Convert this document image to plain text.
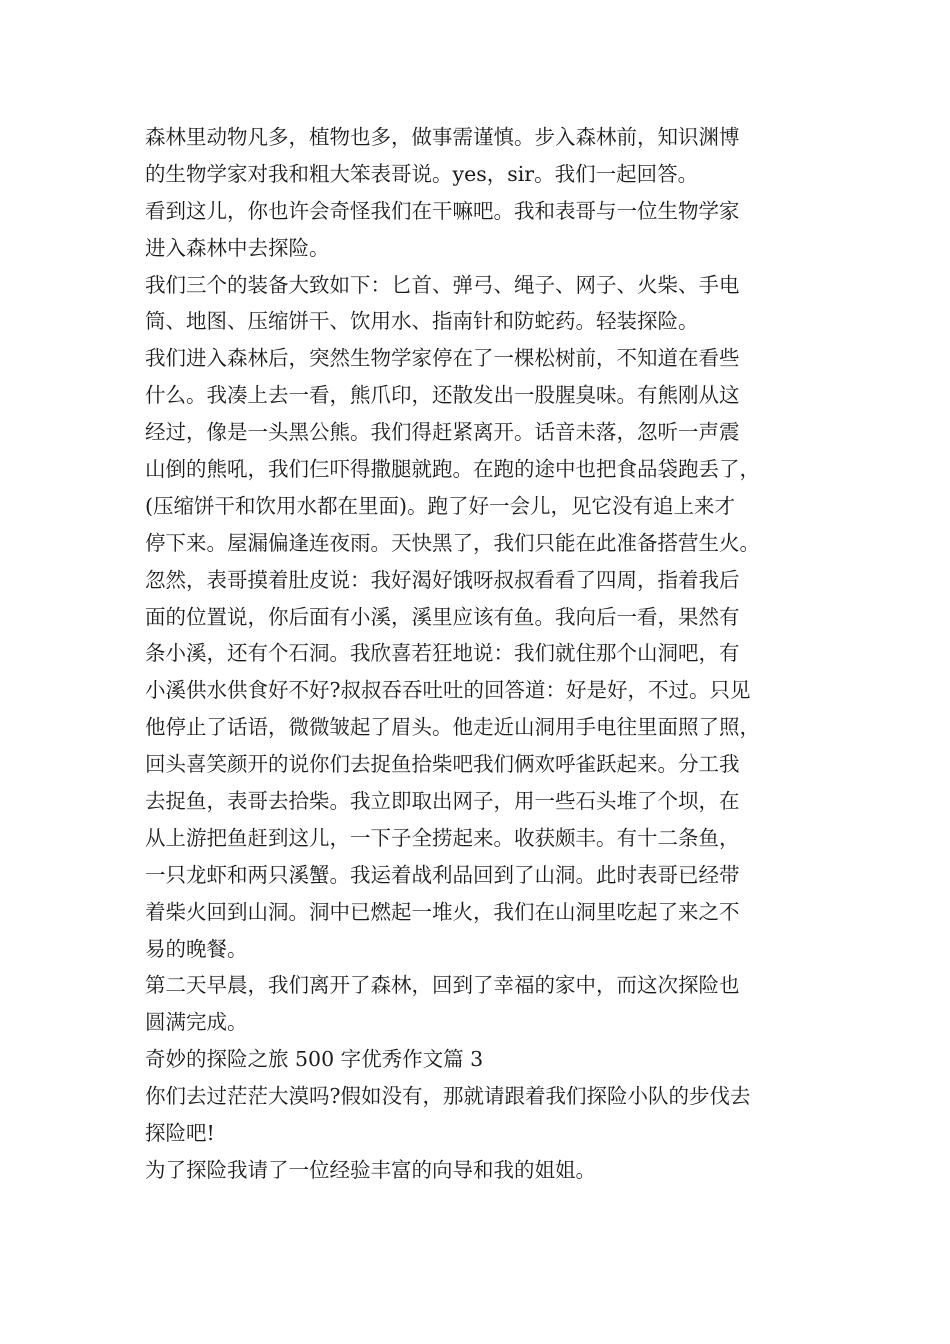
森林里动物凡多，植物也多，做事需谨慎。步入森林前，知识渊博
的生物学家对我和粗大笨表哥说。yes，sir。我们一起回答。
看到这儿，你也许会奇怪我们在干嘛吧。我和表哥与一位生物学家
进入森林中去探险。
我们三个的装备大致如下：匕首、弹弓、绳子、网子、火柴、手电
筒、地图、压缩饼干、饮用水、指南针和防蛇药。轻装探险。
我们进入森林后，突然生物学家停在了一棵松树前，不知道在看些
什么。我凑上去一看，熊爪印，还散发出一股腥臭味。有熊刚从这
经过，像是一头黑公熊。我们得赶紧离开。话音未落，忽听一声震
山倒的熊吼，我们仨吓得撒腿就跑。在跑的途中也把食品袋跑丢了，
(压缩饼干和饮用水都在里面)。跑了好一会儿，见它没有追上来才
停下来。屋漏偏逢连夜雨。天快黑了，我们只能在此准备搭营生火。
忽然，表哥摸着肚皮说：我好渴好饿呀叔叔看看了四周，指着我后
面的位置说，你后面有小溪，溪里应该有鱼。我向后一看，果然有
条小溪，还有个石洞。我欣喜若狂地说：我们就住那个山洞吧，有
小溪供水供食好不好?叔叔吞吞吐吐的回答道：好是好，不过。只见
他停止了话语，微微皱起了眉头。他走近山洞用手电往里面照了照，
回头喜笑颜开的说你们去捉鱼拾柴吧我们俩欢呼雀跃起来。分工我
去捉鱼，表哥去拾柴。我立即取出网子，用一些石头堆了个坝，在
从上游把鱼赶到这儿，一下子全捞起来。收获颇丰。有十二条鱼，
一只龙虾和两只溪蟹。我运着战利品回到了山洞。此时表哥已经带
着柴火回到山洞。洞中已燃起一堆火，我们在山洞里吃起了来之不
易的晚餐。
第二天早晨，我们离开了森林，回到了幸福的家中，而这次探险也
圆满完成。
奇妙的探险之旅 500 字优秀作文篇 3
你们去过茫茫大漠吗?假如没有，那就请跟着我们探险小队的步伐去
探险吧!
为了探险我请了一位经验丰富的向导和我的姐姐。
